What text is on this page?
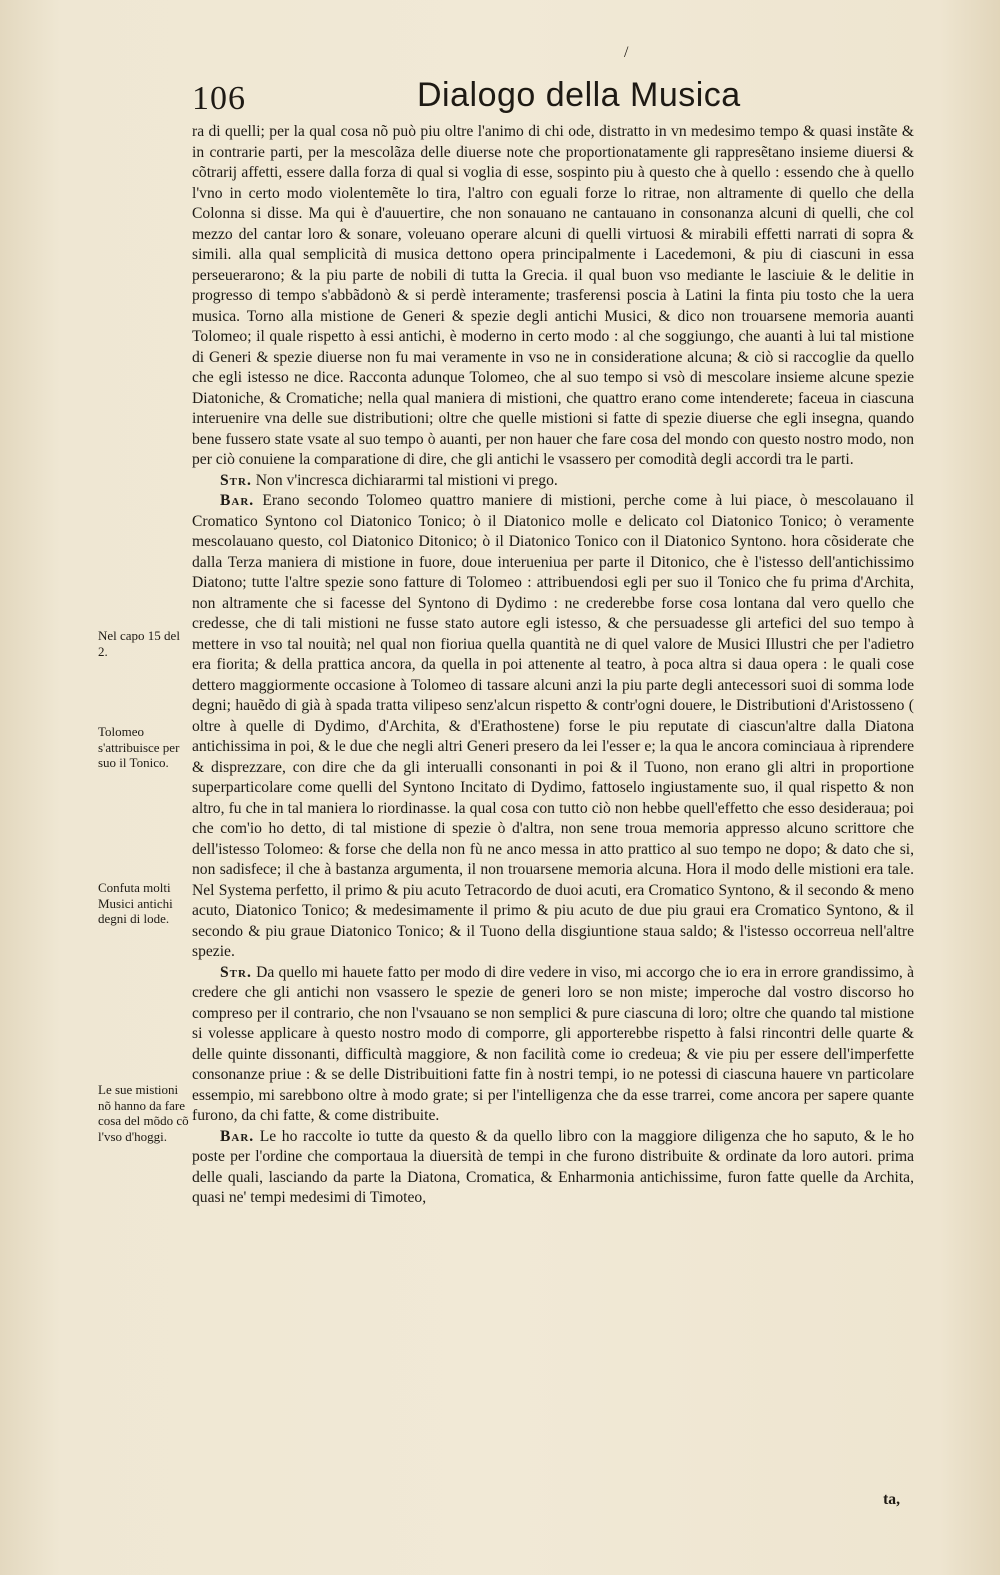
/
106	Dialogo della Musica

ra di quelli; per la qual cosa nõ può piu oltre l'animo di chi ode, distratto in vn medesimo tempo & quasi instãte & in contrarie parti, per la mescolãza delle diuerse note che proportionatamente gli rappresẽtano insieme diuersi & cõtrarij affetti, essere dalla forza di qual si voglia di esse, sospinto piu à questo che à quello : essendo che à quello l'vno in certo modo violentemẽte lo tira, l'altro con eguali forze lo ritrae, non altramente di quello che della Colonna si disse. Ma qui è d'auuertire, che non sonauano ne cantauano in consonanza alcuni di quelli, che col mezzo del cantar loro & sonare, voleuano operare alcuni di quelli virtuosi & mirabili effetti narrati di sopra & simili. alla qual semplicità di musica dettono opera principalmente i Lacedemoni, & piu di ciascuni in essa perseuerarono; & la piu parte de nobili di tutta la Grecia. il qual buon vso mediante le lasciuie & le delitie in progresso di tempo s'abbãdonò & si perdè interamente; trasferensi poscia à Latini la finta piu tosto che la uera musica. Torno alla mistione de Generi & spezie degli antichi Musici, & dico non trouarsene memoria auanti Tolomeo; il quale rispetto à essi antichi, è moderno in certo modo : al che soggiungo, che auanti à lui tal mistione di Generi & spezie diuerse non fu mai veramente in vso ne in consideratione alcuna; & ciò si raccoglie da quello che egli istesso ne dice. Racconta adunque Tolomeo, che al suo tempo si vsò di mescolare insieme alcune spezie Diatoniche, & Cromatiche; nella qual maniera di mistioni, che quattro erano come intenderete; faceua in ciascuna interuenire vna delle sue distributioni; oltre che quelle mistioni si fatte di spezie diuerse che egli insegna, quando bene fussero state vsate al suo tempo ò auanti, per non hauer che fare cosa del mondo con questo nostro modo, non per ciò conuiene la comparatione di dire, che gli antichi le vsassero per comodità degli accordi tra le parti.

Str. Non v'incresca dichiararmi tal mistioni vi prego.

Bar. Erano secondo Tolomeo quattro maniere di mistioni, perche come à lui piace, ò mescolauano il Cromatico Syntono col Diatonico Tonico; ò il Diatonico molle e delicato col Diatonico Tonico; ò veramente mescolauano questo, col Diatonico Ditonico; ò il Diatonico Tonico con il Diatonico Syntono. hora cõsiderate che dalla Terza maniera di mistione in fuore, doue interueniua per parte il Ditonico, che è l'istesso dell'antichissimo Diatono; tutte l'altre spezie sono fatture di Tolomeo : attribuendosi egli per suo il Tonico che fu prima d'Archita, non altramente che si facesse del Syntono di Dydimo : ne crederebbe forse cosa lontana dal vero quello che credesse, che di tali mistioni ne fusse stato autore egli istesso, & che persuadesse gli artefici del suo tempo à mettere in vso tal nouità; nel qual non fioriua quella quantità ne di quel valore de Musici Illustri che per l'adietro era fiorita; & della prattica ancora, da quella in poi attenente al teatro, à poca altra si daua opera : le quali cose dettero maggiormente occasione à Tolomeo di tassare alcuni anzi la piu parte degli antecessori suoi di somma lode degni; hauẽdo di già à spada tratta vilipeso senz'alcun rispetto & contr'ogni douere, le Distributioni d'Aristosseno ( oltre à quelle di Dydimo, d'Archita, & d'Erathostene) forse le piu reputate di ciascun'altre dalla Diatona antichissima in poi, & le due che negli altri Generi presero da lei l'esser e; la qua le ancora cominciaua à riprendere & disprezzare, con dire che da gli interualli consonanti in poi & il Tuono, non erano gli altri in proportione superparticolare come quelli del Syntono Incitato di Dydimo, fattoselo ingiustamente suo, il qual rispetto & non altro, fu che in tal maniera lo riordinasse. la qual cosa con tutto ciò non hebbe quell'effetto che esso desideraua; poi che com'io ho detto, di tal mistione di spezie ò d'altra, non sene troua memoria appresso alcuno scrittore che dell'istesso Tolomeo: & forse che della non fù ne anco messa in atto prattico al suo tempo ne dopo; & dato che si, non sadisfece; il che à bastanza argumenta, il non trouarsene memoria alcuna. Hora il modo delle mistioni era tale. Nel Systema perfetto, il primo & piu acuto Tetracordo de duoi acuti, era Cromatico Syntono, & il secondo & meno acuto, Diatonico Tonico; & medesimamente il primo & piu acuto de due piu graui era Cromatico Syntono, & il secondo & piu graue Diatonico Tonico; & il Tuono della disgiuntione staua saldo; & l'istesso occorreua nell'altre spezie.

Str. Da quello mi hauete fatto per modo di dire vedere in viso, mi accorgo che io era in errore grandissimo, à credere che gli antichi non vsassero le spezie de generi loro se non miste; imperoche dal vostro discorso ho compreso per il contrario, che non l'vsauano se non semplici & pure ciascuna di loro; oltre che quando tal mistione si volesse applicare à questo nostro modo di comporre, gli apporterebbe rispetto à falsi rincontri delle quarte & delle quinte dissonanti, difficultà maggiore, & non facilità come io credeua; & vie piu per essere dell'imperfette consonanze priue : & se delle Distribuitioni fatte fin à nostri tempi, io ne potessi di ciascuna hauere vn particolare essempio, mi sarebbono oltre à modo grate; si per l'intelligenza che da esse trarrei, come ancora per sapere quante furono, da chi fatte, & come distribuite.

Bar. Le ho raccolte io tutte da questo & da quello libro con la maggiore diligenza che ho saputo, & le ho poste per l'ordine che comportaua la diuersità de tempi in che furono distribuite & ordinate da loro autori. prima delle quali, lasciando da parte la Diatona, Cromatica, & Enharmonia antichissime, furon fatte quelle da Archita, quasi ne' tempi medesimi di Timoteo,

Nel capo 15 del 2.
Tolomeo s'attribuisce per suo il Tonico.
Confuta molti Musici antichi degni di lode.
Le sue mistioni nõ hanno da fare cosa del mõdo cõ l'vso d'hoggi.
ta,
